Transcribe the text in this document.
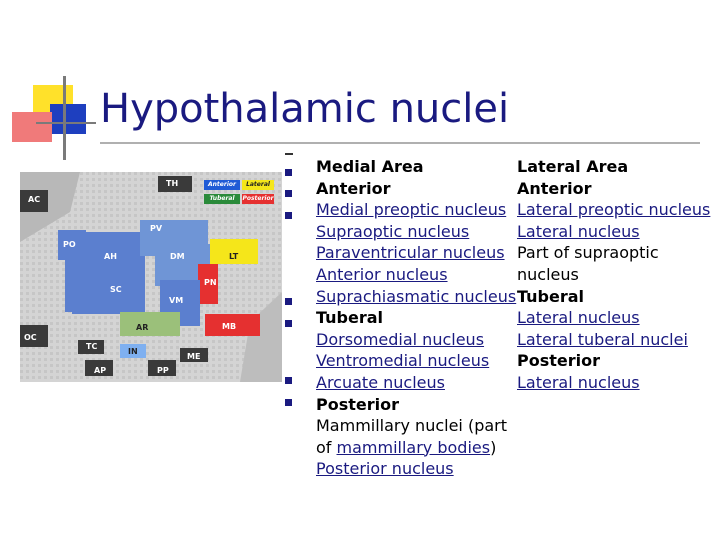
Hypothalamic nuclei
TH
AC
PO
AH
PV
DM	LT
SC
VM
PN
AR	MB
OC
TC
IN
ME
AP	PP
Anterior	Lateral
Tuberal	Posterior
Medial Area
Anterior
Medial preoptic nucleus
Supraoptic nucleus
Paraventricular nucleus
Anterior nucleus
Suprachiasmatic nucleus
Tuberal
Dorsomedial nucleus
Ventromedial nucleus
Arcuate nucleus
Posterior
Mammillary nuclei (part
of mammillary bodies)
Posterior nucleus
Lateral Area
Anterior
Lateral preoptic nucleus
Lateral nucleus
Part of supraoptic
nucleus
Tuberal
Lateral nucleus
Lateral tuberal nuclei
Posterior
Lateral nucleus
